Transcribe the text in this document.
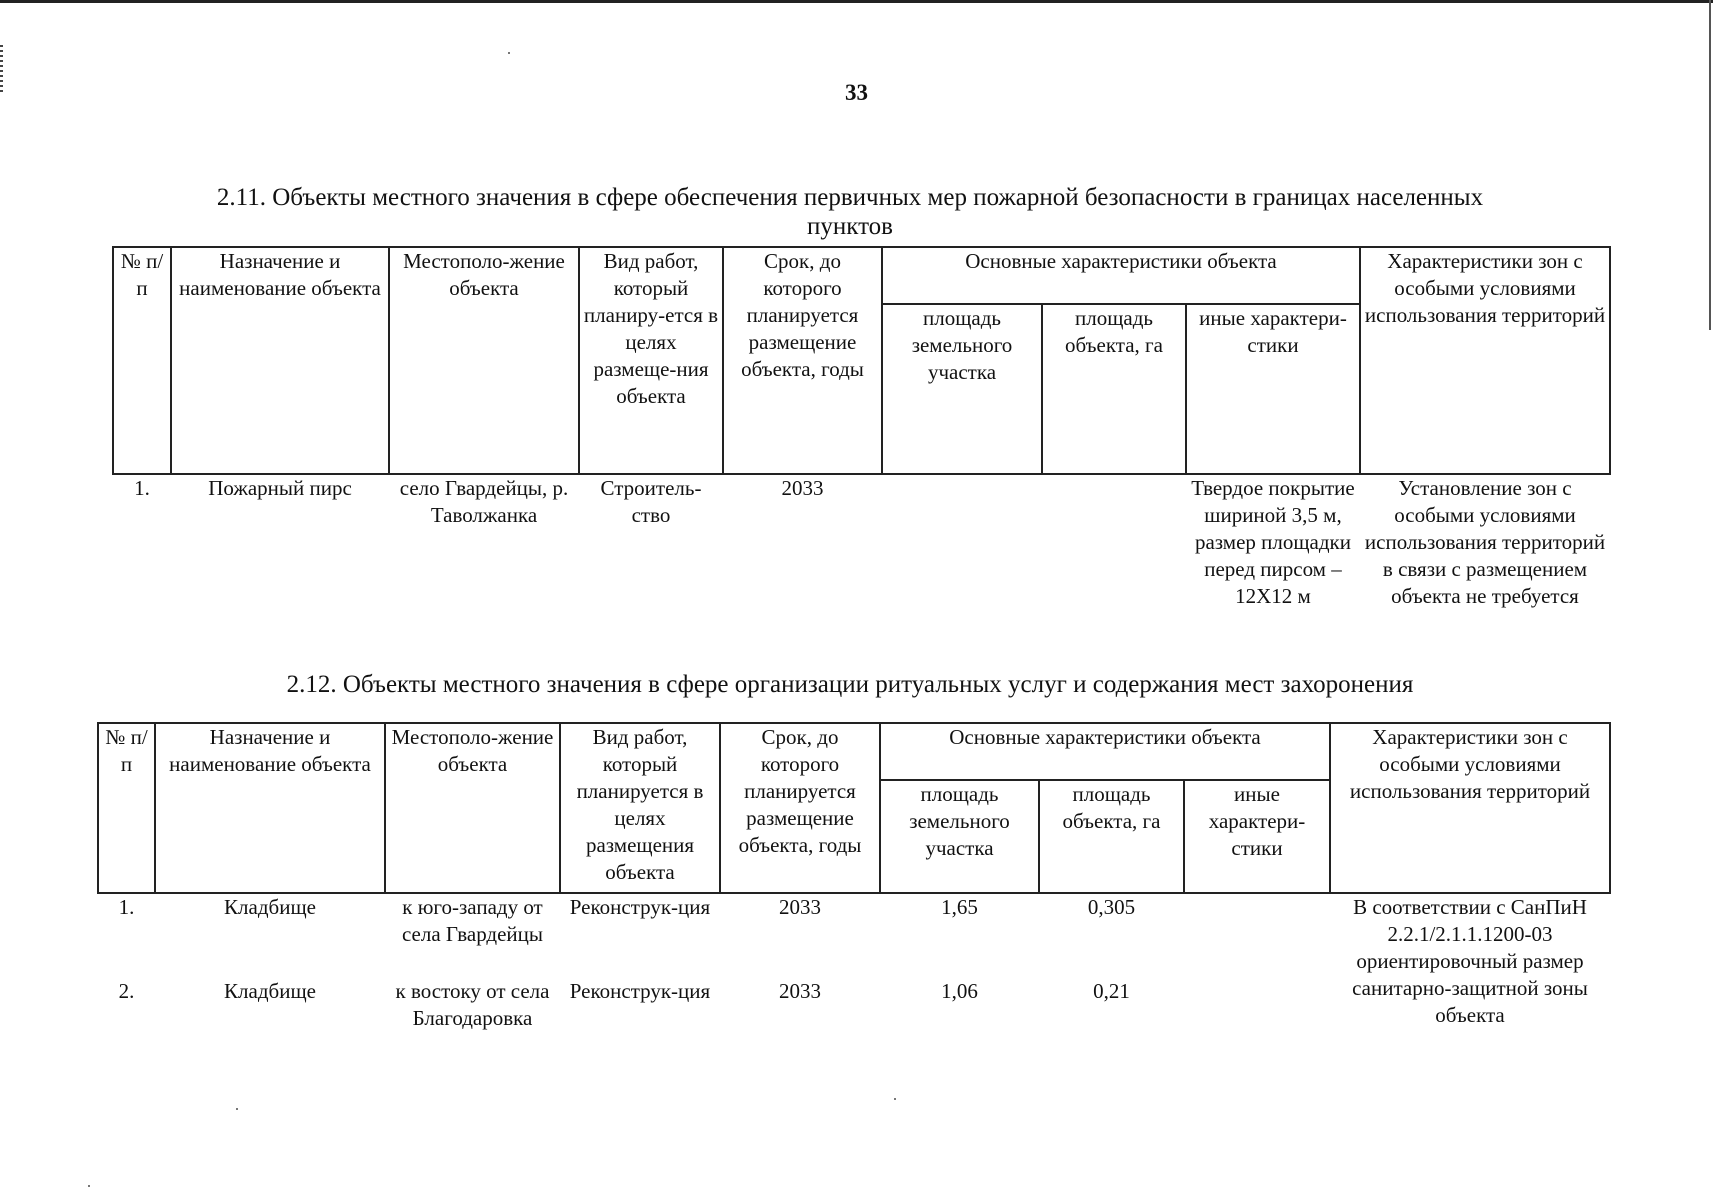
33
2.11. Объекты местного значения в сфере обеспечения первичных мер пожарной безопасности в границах населенных пунктов
№ п/п	Назначение и наименование объекта	Местополо-жение объекта	Вид работ, который планиру-ется в целях размеще-ния объекта	Срок, до которого планируется размещение объекта, годы	Основные характеристики объекта			Характеристики зон с особыми условиями использования территорий
					площадь земельного участка	площадь объекта, га	иные характери-стики	
1.	Пожарный пирс	село Гвардейцы, р. Таволжанка	Строитель-ство	2033			Твердое покрытие шириной 3,5 м, размер площадки перед пирсом – 12Х12 м	Установление зон с особыми условиями использования территорий в связи с размещением объекта не требуется
2.12. Объекты местного значения в сфере организации ритуальных услуг и содержания мест захоронения
№ п/п	Назначение и наименование объекта	Местополо-жение объекта	Вид работ, который планируется в целях размещения объекта	Срок, до которого планируется размещение объекта, годы	Основные характеристики объекта			Характеристики зон с особыми условиями использования территорий
					площадь земельного участка	площадь объекта, га	иные характери-стики	
1.	Кладбище	к юго-западу от села Гвардейцы	Реконструк-ция	2033	1,65	0,305		В соответствии с СанПиН 2.2.1/2.1.1.1200-03 ориентировочный размер санитарно-защитной зоны объекта
2.	Кладбище	к востоку от села Благодаровка	Реконструк-ция	2033	1,06	0,21		
